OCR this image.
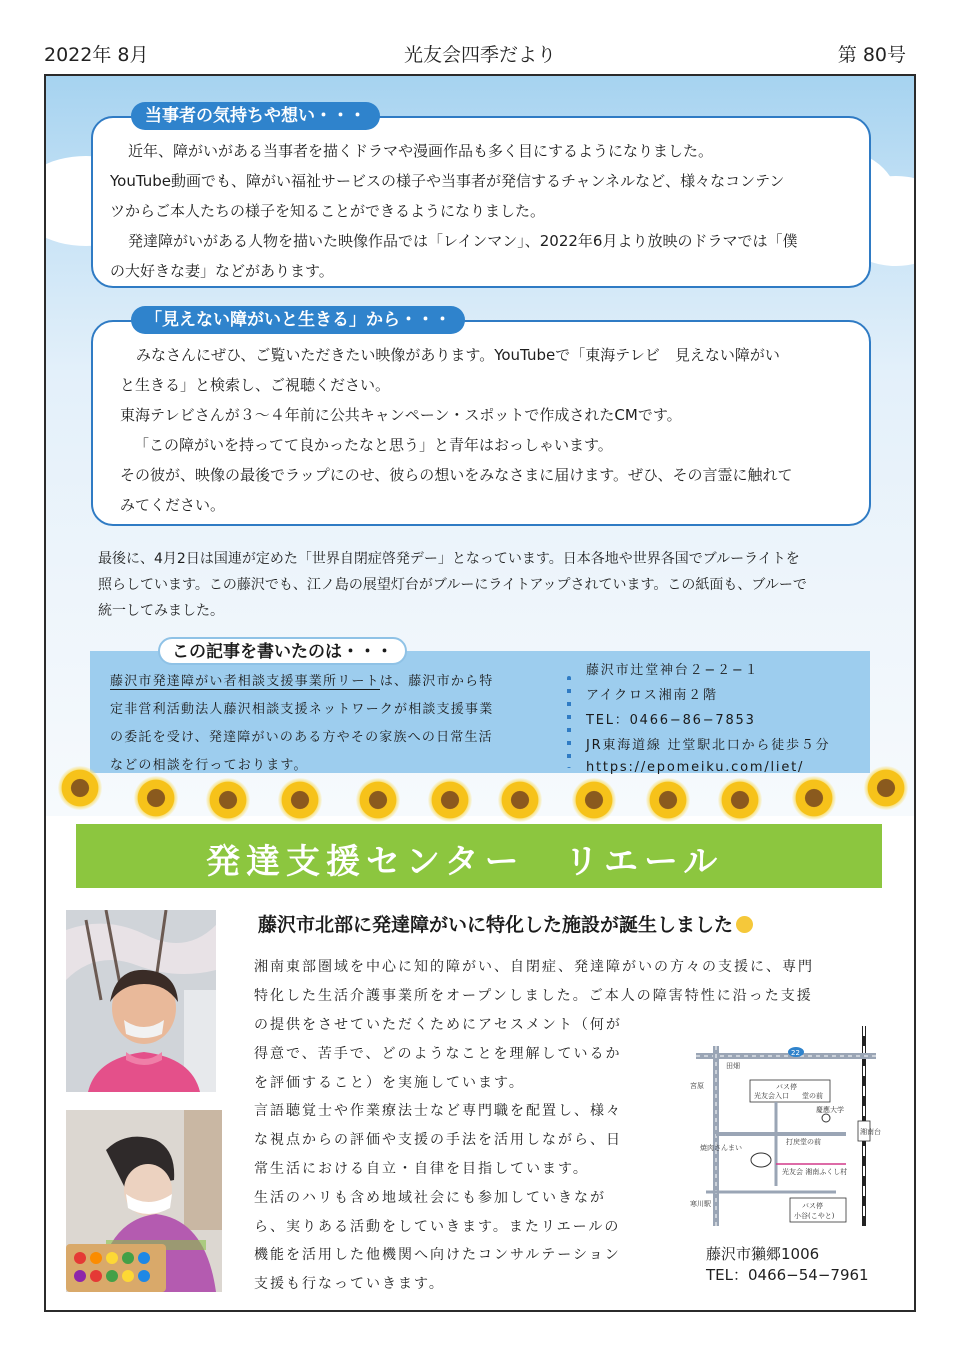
2022年 8月	光友会四季だより	第 80号
当事者の気持ちや想い・・・
近年、障がいがある当事者を描くドラマや漫画作品も多く目にするようになりました。
YouTube動画でも、障がい福祉サービスの様子や当事者が発信するチャンネルなど、様々なコンテン
ツからご本人たちの様子を知ることができるようになりました。
発達障がいがある人物を描いた映像作品では「レインマン」、2022年6月より放映のドラマでは「僕
の大好きな妻」などがあります。
「見えない障がいと生きる」から・・・
みなさんにぜひ、ご覧いただきたい映像があります。YouTubeで「東海テレビ　見えない障がい
と生きる」と検索し、ご視聴ください。
東海テレビさんが３～４年前に公共キャンペーン・スポットで作成されたCMです。
「この障がいを持ってて良かったなと思う」と青年はおっしゃいます。
その彼が、映像の最後でラップにのせ、彼らの想いをみなさまに届けます。ぜひ、その言霊に触れて
みてください。
最後に、4月2日は国連が定めた「世界自閉症啓発デー」となっています。日本各地や世界各国でブルーライトを
照らしています。この藤沢でも、江ノ島の展望灯台がブルーにライトアップされています。この紙面も、ブルーで
統一してみました。
この記事を書いたのは・・・
藤沢市発達障がい者相談支援事業所リートは、藤沢市から特
定非営利活動法人藤沢相談支援ネットワークが相談支援事業
の委託を受け、発達障がいのある方やその家族への日常生活
などの相談を行っております。
藤沢市辻堂神台２−２−１
アイクロス湘南２階
TEL：0466−86−7853
JR東海道線 辻堂駅北口から徒歩５分
https://epomeiku.com/liet/
発達支援センター　リエール
藤沢市北部に発達障がいに特化した施設が誕生しました
湘南東部圏域を中心に知的障がい、自閉症、発達障がいの方々の支援に、専門
特化した生活介護事業所をオープンしました。ご本人の障害特性に沿った支援
の提供をさせていただくためにアセスメント（何が
得意で、苦手で、どのようなことを理解しているか
を評価すること）を実施しています。
言語聴覚士や作業療法士など専門職を配置し、様々
な視点からの評価や支援の手法を活用しながら、日
常生活における自立・自律を目指しています。
生活のハリも含め地域社会にも参加していきなが
ら、実りある活動をしていきます。またリエールの
機能を活用した他機関へ向けたコンサルテーション
支援も行なっていきます。
湘南台
22
田畑
宮原	バス停
光友会入口 堂の前
慶應大学
打戻堂の前
焼肉さんまい
光友会 湘南ふくし村
バス停
小谷(こやと)
寒川駅
藤沢市獺郷1006
TEL：0466−54−7961
